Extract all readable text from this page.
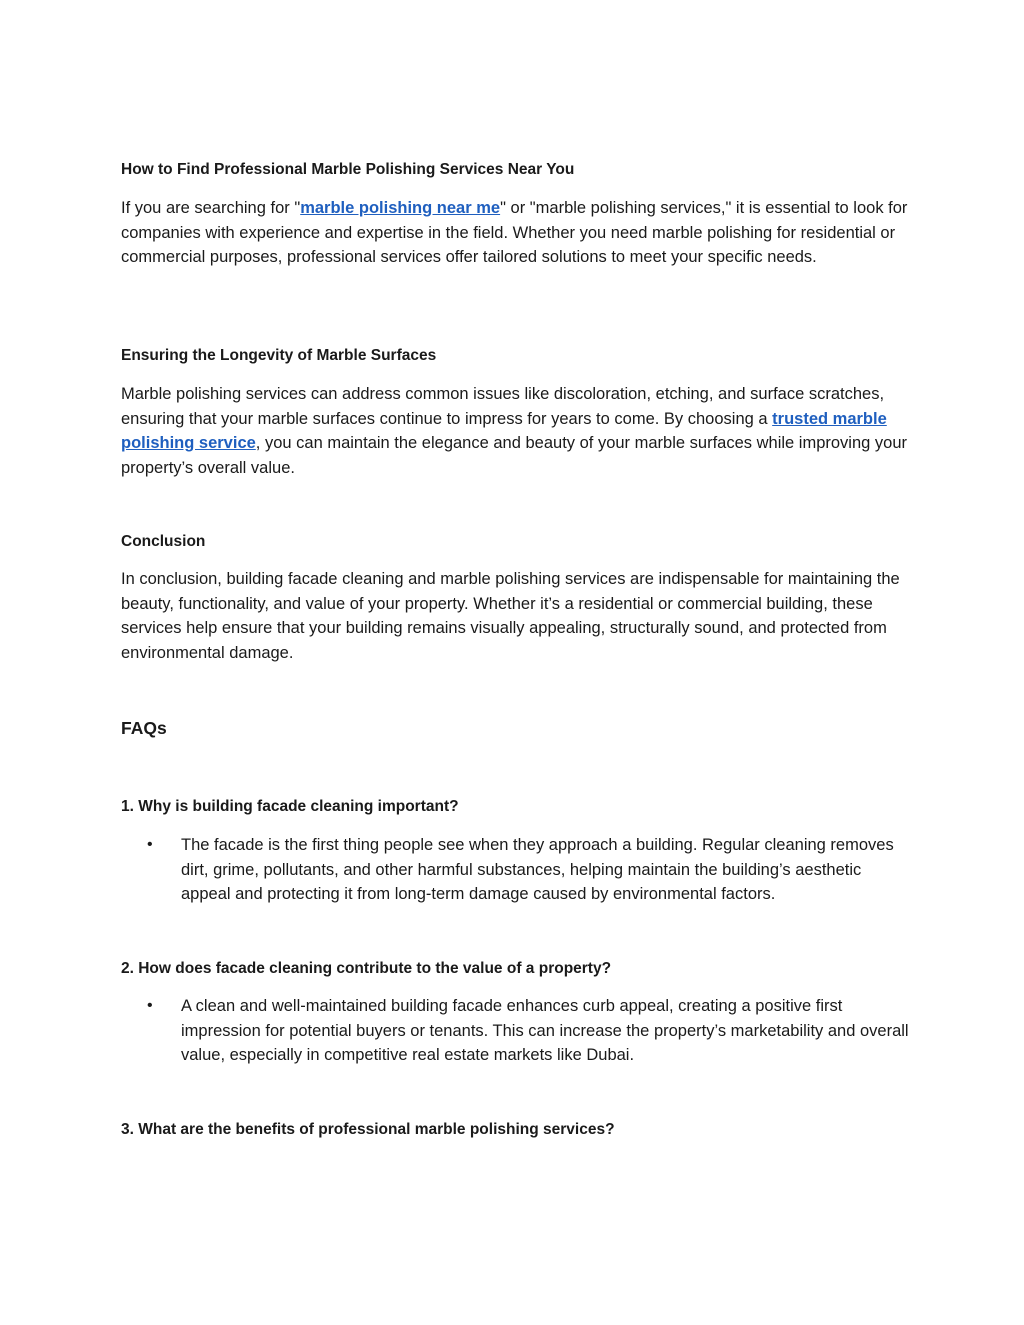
How to Find Professional Marble Polishing Services Near You

If you are searching for "marble polishing near me" or "marble polishing services," it is essential to look for companies with experience and expertise in the field. Whether you need marble polishing for residential or commercial purposes, professional services offer tailored solutions to meet your specific needs.

Ensuring the Longevity of Marble Surfaces

Marble polishing services can address common issues like discoloration, etching, and surface scratches, ensuring that your marble surfaces continue to impress for years to come. By choosing a trusted marble polishing service, you can maintain the elegance and beauty of your marble surfaces while improving your property’s overall value.

Conclusion

In conclusion, building facade cleaning and marble polishing services are indispensable for maintaining the beauty, functionality, and value of your property. Whether it’s a residential or commercial building, these services help ensure that your building remains visually appealing, structurally sound, and protected from environmental damage.

FAQs

1. Why is building facade cleaning important?

• The facade is the first thing people see when they approach a building. Regular cleaning removes dirt, grime, pollutants, and other harmful substances, helping maintain the building’s aesthetic appeal and protecting it from long-term damage caused by environmental factors.

2. How does facade cleaning contribute to the value of a property?

• A clean and well-maintained building facade enhances curb appeal, creating a positive first impression for potential buyers or tenants. This can increase the property’s marketability and overall value, especially in competitive real estate markets like Dubai.

3. What are the benefits of professional marble polishing services?
